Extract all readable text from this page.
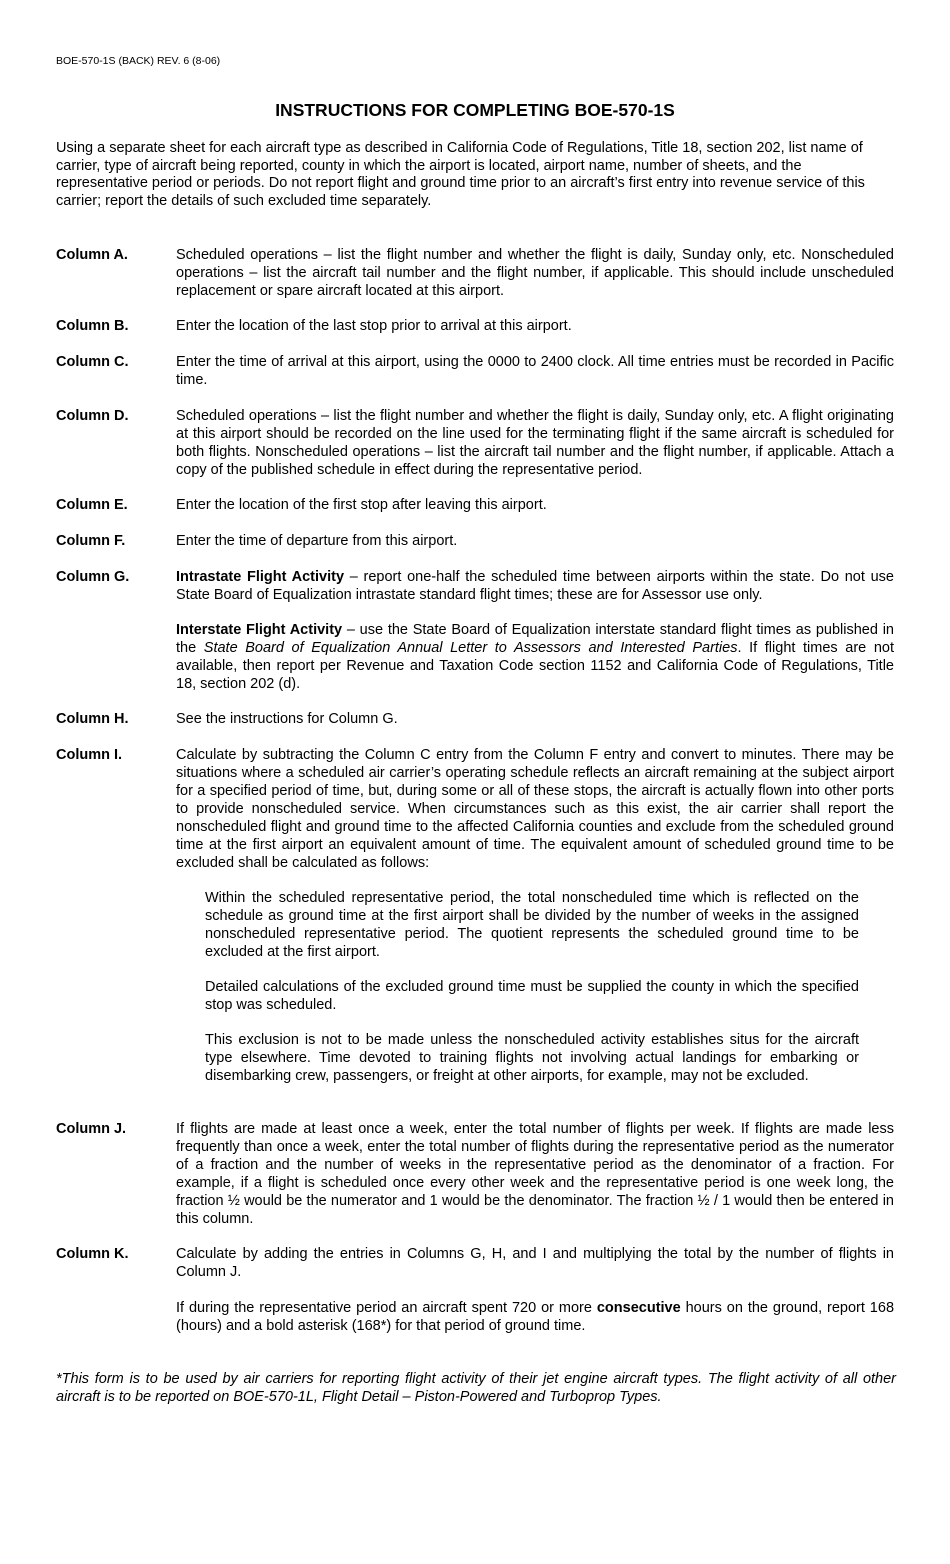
BOE-570-1S (BACK) REV. 6 (8-06)
INSTRUCTIONS FOR COMPLETING BOE-570-1S

Using a separate sheet for each aircraft type as described in California Code of Regulations, Title 18, section 202, list name of carrier, type of aircraft being reported, county in which the airport is located, airport name, number of sheets, and the representative period or periods. Do not report flight and ground time prior to an aircraft’s first entry into revenue service of this carrier; report the details of such excluded time separately.

Column A.	Scheduled operations – list the flight number and whether the flight is daily, Sunday only, etc. Nonscheduled operations – list the aircraft tail number and the flight number, if applicable. This should include unscheduled replacement or spare aircraft located at this airport.

Column B.	Enter the location of the last stop prior to arrival at this airport.

Column C.	Enter the time of arrival at this airport, using the 0000 to 2400 clock. All time entries must be recorded in Pacific time.

Column D.	Scheduled operations – list the flight number and whether the flight is daily, Sunday only, etc. A flight originating at this airport should be recorded on the line used for the terminating flight if the same aircraft is scheduled for both flights. Nonscheduled operations – list the aircraft tail number and the flight number, if applicable. Attach a copy of the published schedule in effect during the representative period.

Column E.	Enter the location of the first stop after leaving this airport.

Column F.	Enter the time of departure from this airport.

Column G.	Intrastate Flight Activity – report one-half the scheduled time between airports within the state. Do not use State Board of Equalization intrastate standard flight times; these are for Assessor use only.

Interstate Flight Activity – use the State Board of Equalization interstate standard flight times as published in the State Board of Equalization Annual Letter to Assessors and Interested Parties. If flight times are not available, then report per Revenue and Taxation Code section 1152 and California Code of Regulations, Title 18, section 202 (d).

Column H.	See the instructions for Column G.

Column I.	Calculate by subtracting the Column C entry from the Column F entry and convert to minutes. There may be situations where a scheduled air carrier’s operating schedule reflects an aircraft remaining at the subject airport for a specified period of time, but, during some or all of these stops, the aircraft is actually flown into other ports to provide nonscheduled service. When circumstances such as this exist, the air carrier shall report the nonscheduled flight and ground time to the affected California counties and exclude from the scheduled ground time at the first airport an equivalent amount of time. The equivalent amount of scheduled ground time to be excluded shall be calculated as follows:

Within the scheduled representative period, the total nonscheduled time which is reflected on the schedule as ground time at the first airport shall be divided by the number of weeks in the assigned nonscheduled representative period. The quotient represents the scheduled ground time to be excluded at the first airport.

Detailed calculations of the excluded ground time must be supplied the county in which the specified stop was scheduled.

This exclusion is not to be made unless the nonscheduled activity establishes situs for the aircraft type elsewhere. Time devoted to training flights not involving actual landings for embarking or disembarking crew, passengers, or freight at other airports, for example, may not be excluded.

Column J.	If flights are made at least once a week, enter the total number of flights per week. If flights are made less frequently than once a week, enter the total number of flights during the representative period as the numerator of a fraction and the number of weeks in the representative period as the denominator of a fraction. For example, if a flight is scheduled once every other week and the representative period is one week long, the fraction ½ would be the numerator and 1 would be the denominator. The fraction ½ / 1 would then be entered in this column.

Column K.	Calculate by adding the entries in Columns G, H, and I and multiplying the total by the number of flights in Column J.

If during the representative period an aircraft spent 720 or more consecutive hours on the ground, report 168 (hours) and a bold asterisk (168*) for that period of ground time.

*This form is to be used by air carriers for reporting flight activity of their jet engine aircraft types. The flight activity of all other aircraft is to be reported on BOE-570-1L, Flight Detail – Piston-Powered and Turboprop Types.
